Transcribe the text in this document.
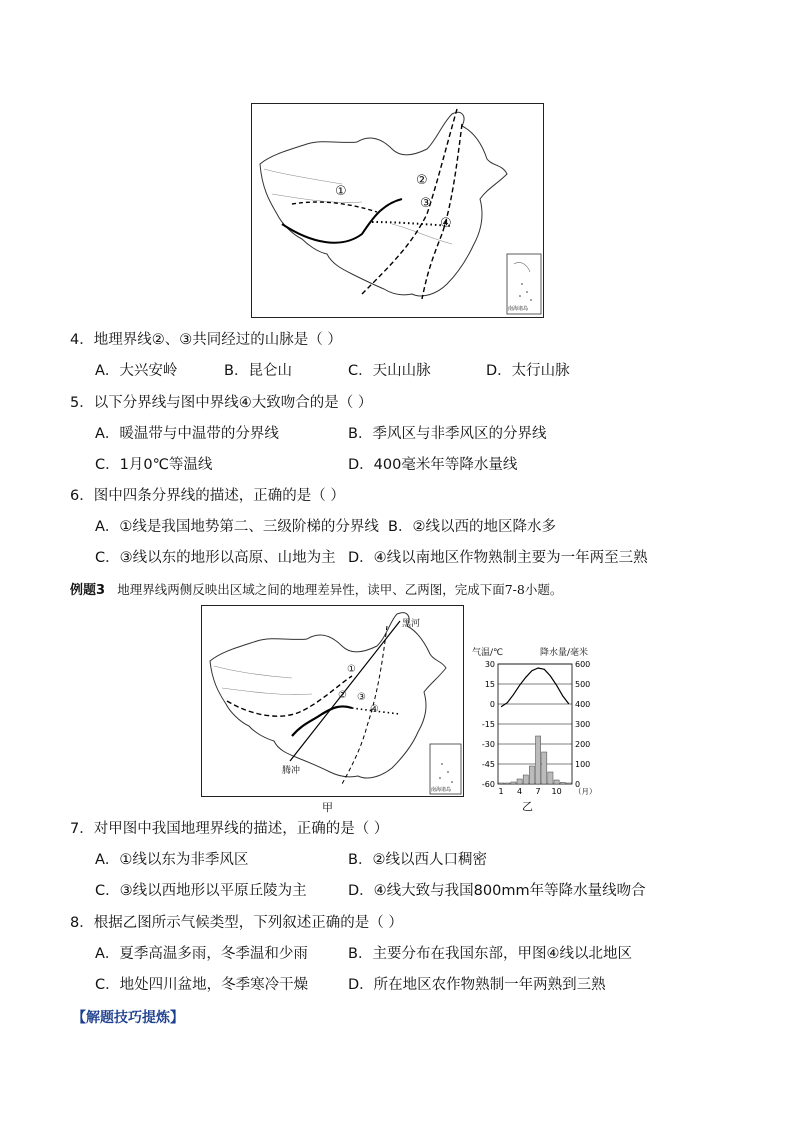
①
②
③
④
南海诸岛
4．地理界线②、③共同经过的山脉是（ ）
A．大兴安岭	B．昆仑山	C．天山山脉	D．太行山脉
5．以下分界线与图中界线④大致吻合的是（ ）
A．暖温带与中温带的分界线	B．季风区与非季风区的分界线
C．1月0℃等温线	D．400毫米年等降水量线
6．图中四条分界线的描述，正确的是（ ）
A．①线是我国地势第二、三级阶梯的分界线 B．②线以西的地区降水多
C．③线以东的地形以高原、山地为主 D．④线以南地区作物熟制主要为一年两至三熟
例题3 地理界线两侧反映出区域之间的地理差异性，读甲、乙两图，完成下面7-8小题。
黑河
腾冲
①
② ③
④
南海诸岛
甲
气温/℃	降水量/毫米
30
15
0
-15
-30
-45
-60
600
500
400
300
200
100
0
1 4 7 10 （月）
乙
7．对甲图中我国地理界线的描述，正确的是（ ）
A．①线以东为非季风区	B．②线以西人口稠密
C．③线以西地形以平原丘陵为主	D．④线大致与我国800mm年等降水量线吻合
8．根据乙图所示气候类型，下列叙述正确的是（ ）
A．夏季高温多雨，冬季温和少雨	B．主要分布在我国东部，甲图④线以北地区
C．地处四川盆地，冬季寒冷干燥	D．所在地区农作物熟制一年两熟到三熟
【解题技巧提炼】
